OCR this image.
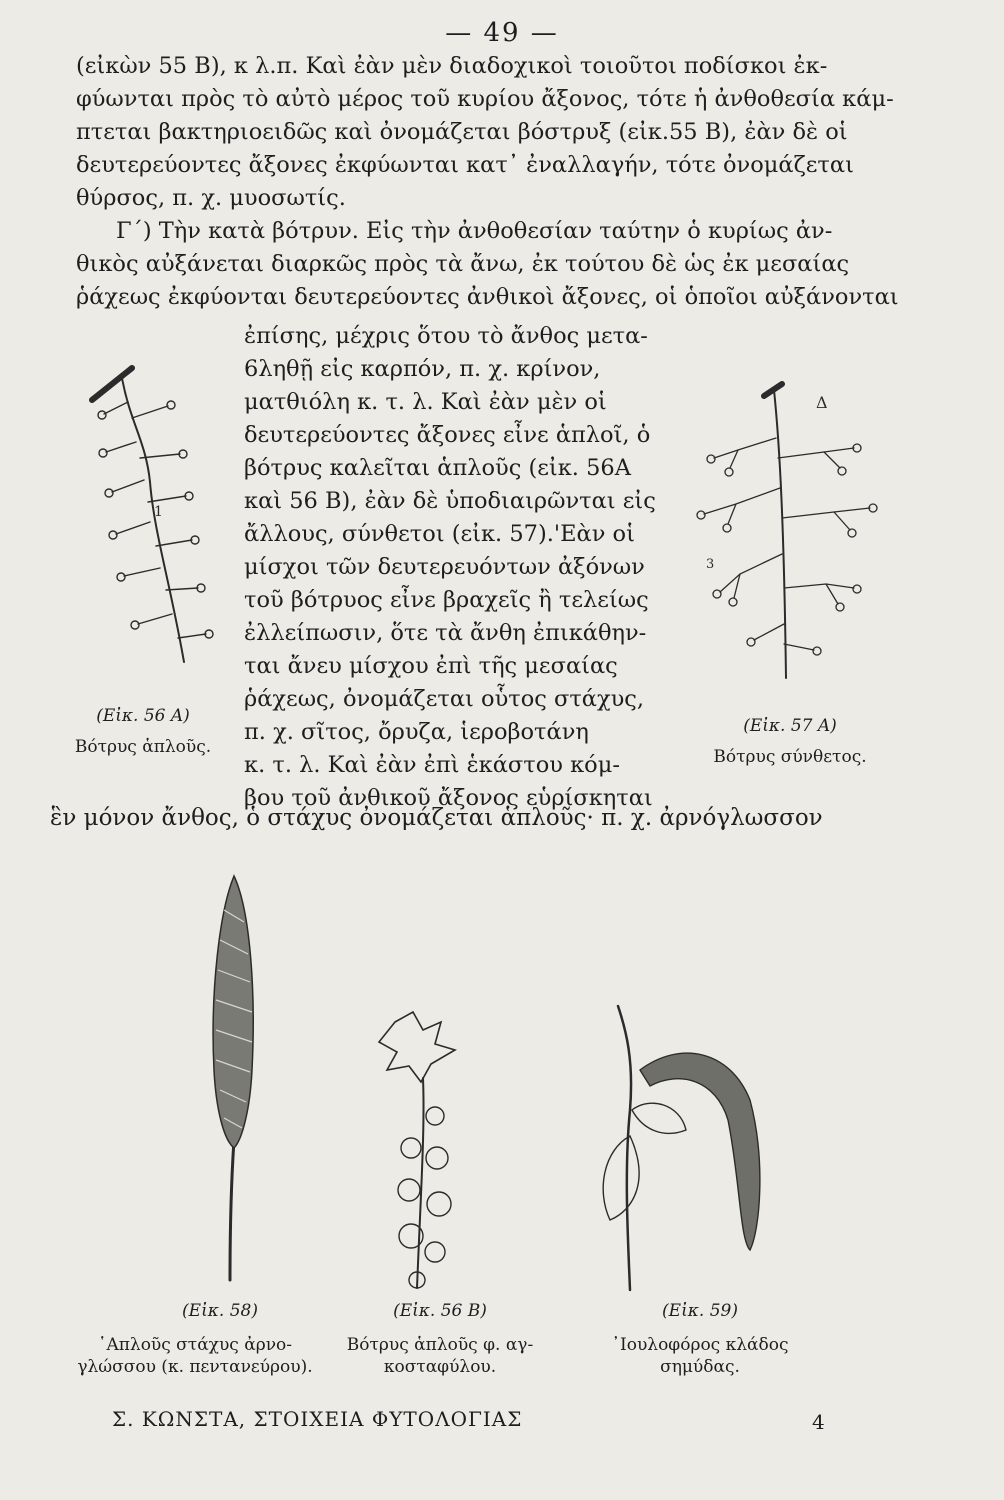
— 49 —
(εἰκὼν 55 Β), κ λ.π. Καὶ ἐὰν μὲν διαδοχικοὶ τοιοῦτοι ποδίσκοι ἐκ-
φύωνται πρὸς τὸ αὐτὸ μέρος τοῦ κυρίου ἄξονος, τότε ἡ ἀνθοθεσία κάμ-
πτεται βακτηριοειδῶς καὶ ὀνομάζεται βόστρυξ (εἰκ.55 Β), ἐὰν δὲ οἱ
δευτερεύοντες ἄξονες ἐκφύωνται κατ᾽ ἐναλλαγήν, τότε ὀνομάζεται
θύρσος, π. χ. μυοσωτίς.
Γ΄) Τὴν κατὰ βότρυν. Εἰς τὴν ἀνθοθεσίαν ταύτην ὁ κυρίως ἀν-
θικὸς αὐξάνεται διαρκῶς πρὸς τὰ ἄνω, ἐκ τούτου δὲ ὡς ἐκ μεσαίας
ῥάχεως ἐκφύονται δευτερεύοντες ἀνθικοὶ ἄξονες, οἱ ὁποῖοι αὐξάνονται
ἐπίσης, μέχρις ὅτου τὸ ἄνθος μετα-
6ληθῇ εἰς καρπόν, π. χ. κρίνον,
ματθιόλη κ. τ. λ. Καὶ ἐὰν μὲν οἱ
δευτερεύοντες ἄξονες εἶνε ἁπλοῖ, ὁ
βότρυς καλεῖται ἁπλοῦς (εἰκ. 56Α
καὶ 56 Β), ἐὰν δὲ ὑποδιαιρῶνται εἰς
ἄλλους, σύνθετοι (εἰκ. 57).'Εὰν οἱ
μίσχοι τῶν δευτερευόντων ἀξόνων
τοῦ βότρυος εἶνε βραχεῖς ἢ τελείως
ἐλλείπωσιν, ὅτε τὰ ἄνθη ἐπικάθην-
ται ἄνευ μίσχου ἐπὶ τῆς μεσαίας
ῥάχεως, ὀνομάζεται οὗτος στάχυς,
π. χ. σῖτος, ὄρυζα, ἱεροβοτάνη
κ. τ. λ. Καὶ ἐὰν ἐπὶ ἑκάστου κόμ-
βου τοῦ ἀνθικοῦ ἄξονος εὑρίσκηται
ἓν μόνον ἄνθος, ὁ στάχυς ὀνομάζεται ἁπλοῦς· π. χ. ἀρνόγλωσσον
1
Δ
3
(Εἰκ. 56 Α)
Βότρυς ἁπλοῦς.
(Εἰκ. 57 Α)
Βότρυς σύνθετος.
(Εἰκ. 58)
῾Απλοῦς στάχυς ἀρνο-
γλώσσου (κ. πεντανεύρου).
(Εἰκ. 56 Β)
Βότρυς ἁπλοῦς φ. αγ-
κοσταφύλου.
(Εἰκ. 59)
᾿Ιουλοφόρος κλάδος
σημύδας.
Σ. ΚΩΝΣΤΑ, ΣΤΟΙΧΕΙΑ ΦΥΤΟΛΟΓΙΑΣ	4
